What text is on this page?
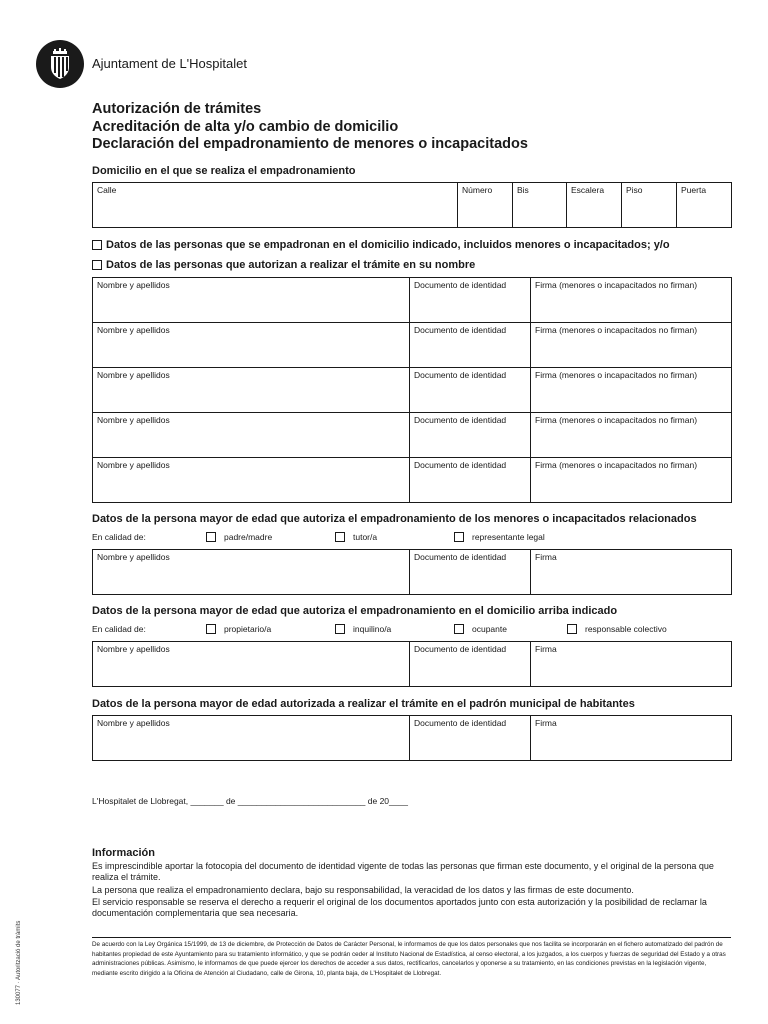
Ajuntament de L'Hospitalet
Autorización de trámites
Acreditación de alta y/o cambio de domicilio
Declaración del empadronamiento de menores o incapacitados
Domicilio en el que se realiza el empadronamiento
Calle	Número	Bis	Escalera	Piso	Puerta
Datos de las personas que se empadronan en el domicilio indicado, incluidos menores o incapacitados; y/o
Datos de las personas que autorizan a realizar el trámite en su nombre
Nombre y apellidos	Documento de identidad	Firma (menores o incapacitados no firman)
Nombre y apellidos	Documento de identidad	Firma (menores o incapacitados no firman)
Nombre y apellidos	Documento de identidad	Firma (menores o incapacitados no firman)
Nombre y apellidos	Documento de identidad	Firma (menores o incapacitados no firman)
Nombre y apellidos	Documento de identidad	Firma (menores o incapacitados no firman)
Datos de la persona mayor de edad que autoriza el empadronamiento de los menores o incapacitados relacionados
En calidad de:	padre/madre	tutor/a	representante legal
Nombre y apellidos	Documento de identidad	Firma
Datos de la persona mayor de edad que autoriza el empadronamiento en el domicilio arriba indicado
En calidad de:	propietario/a	inquilino/a	ocupante	responsable colectivo
Nombre y apellidos	Documento de identidad	Firma
Datos de la persona mayor de edad autorizada a realizar el trámite en el padrón municipal de habitantes
Nombre y apellidos	Documento de identidad	Firma
L'Hospitalet de Llobregat, _______ de ___________________________ de 20____
Información
Es imprescindible aportar la fotocopia del documento de identidad vigente de todas las personas que firman este documento, y el original de la persona que realiza el trámite.
La persona que realiza el empadronamiento declara, bajo su responsabilidad, la veracidad de los datos y las firmas de este documento.
El servicio responsable se reserva el derecho a requerir el original de los documentos aportados junto con esta autorización y la posibilidad de reclamar la documentación complementaria que sea necesaria.
De acuerdo con la Ley Orgánica 15/1999, de 13 de diciembre, de Protección de Datos de Carácter Personal, le informamos de que los datos personales que nos facilita se incorporarán en el fichero automatizado del padrón de habitantes propiedad de este Ayuntamiento para su tratamiento informático, y que se podrán ceder al Instituto Nacional de Estadística, al censo electoral, a los juzgados, a los cuerpos y fuerzas de seguridad del Estado y a otras administraciones públicas. Asimismo, le informamos de que puede ejercer los derechos de acceder a sus datos, rectificarlos, cancelarlos y oponerse a su tratamiento, en las condiciones previstas en la legislación vigente, mediante escrito dirigido a la Oficina de Atención al Ciudadano, calle de Girona, 10, planta baja, de L'Hospitalet de Llobregat.
130077 · Autorització de tràmits
